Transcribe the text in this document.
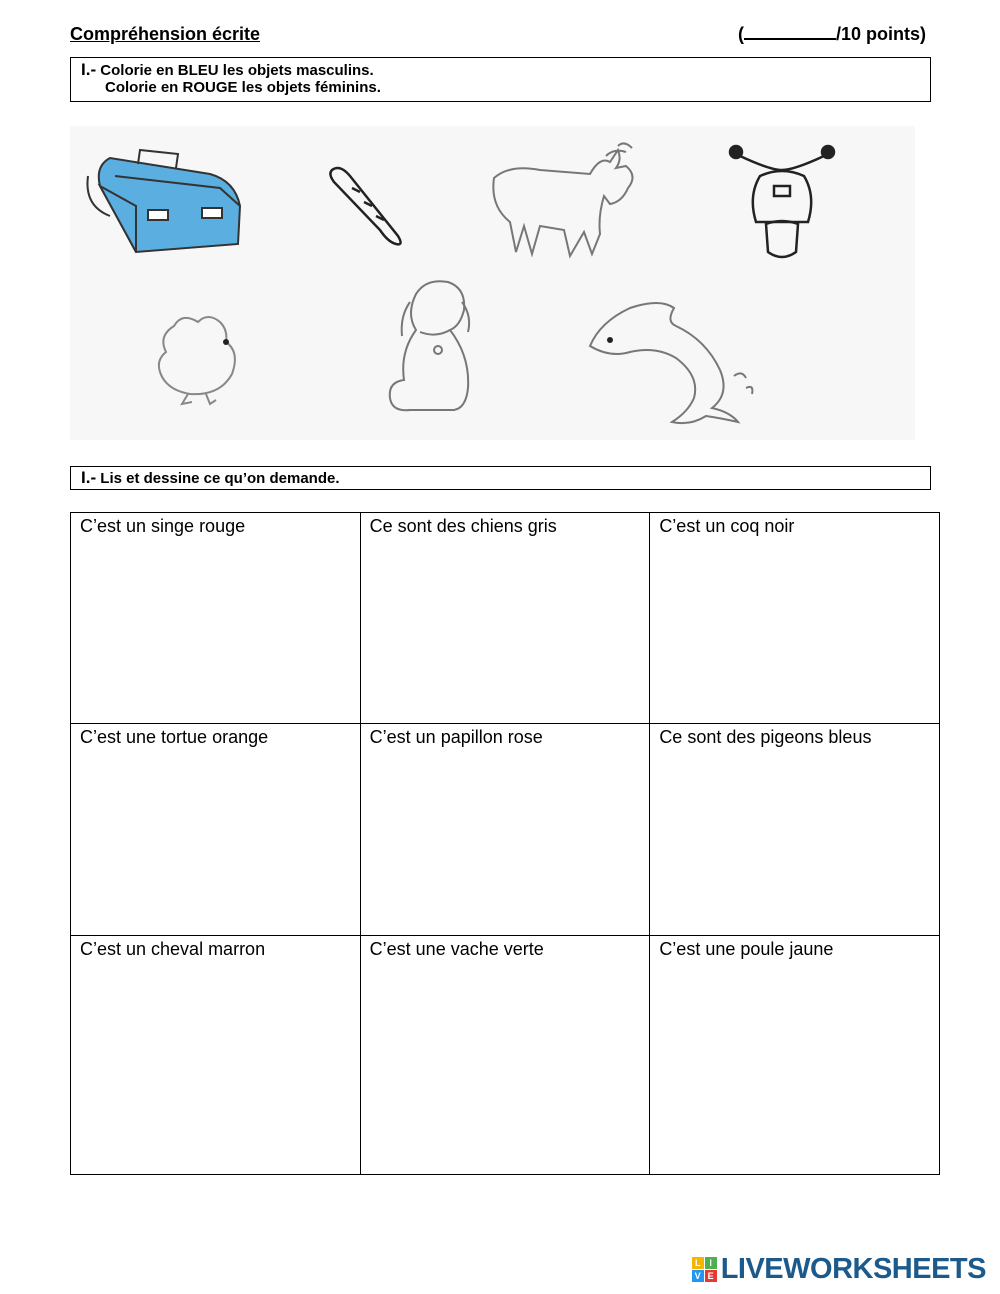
Compréhension écrite	(	/10 points)
I.- Colorie en BLEU les objets masculins.
Colorie en ROUGE les objets féminins.
I.- Lis et dessine ce qu’on demande.
C’est un singe rouge	Ce sont des chiens gris	C’est un coq noir
C’est une tortue orange	C’est un papillon rose	Ce sont des pigeons bleus
C’est un cheval marron	C’est une vache verte	C’est une poule jaune
L I
V E LIVEWORKSHEETS
